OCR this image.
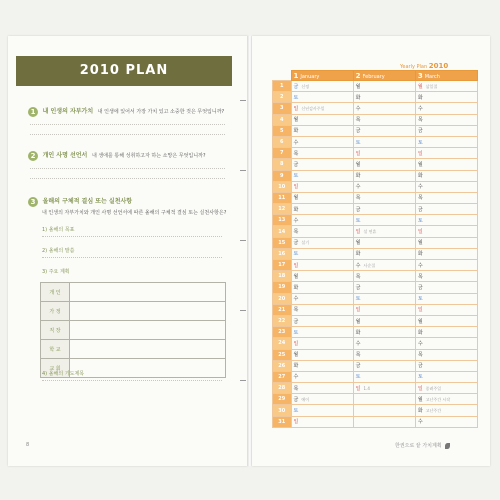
2010 PLAN
1 내 인생의 자부가치 내 인생에 있어서 가장 가치 있고 소중한 것은 무엇입니까?
2 개인 사명 선언서 내 생애를 통해 성취하고자 하는 소망은 무엇입니까?
3 올해의 구체적 결심 또는 실천사항
내 인생의 자부가치와 개인 사명 선언서에 따른 올해의 구체적 결심 또는 실천사항은?
1) 올해의 목표
2) 올해의 말씀
3) 주요 계획
개 인	
가 정	
직 장	
학 교	
교 회	
4) 올해의 기도제목
8
Yearly Plan 2010
	1 January	2 February	3 March
1	금 신정	월	월 삼일절
2	토	화	화
3	일 신년감사주일	수	수
4	월	목	목
5	화	금	금
6	수	토	토
7	목	일	일
8	금	월	월
9	토	화	화
10	일	수	수
11	월	목	목
12	화	금	금
13	수	토	토
14	목	일 설 연휴	일
15	금 설기	월	월
16	토	화	화
17	일	수 사순절	수
18	월	목	목
19	화	금	금
20	수	토	토
21	목	일	일
22	금	월	월
23	토	화	화
24	일	수	수
25	월	목	목
26	화	금	금
27	수	토	토
28	목	일 1.4	일 종려주일
29	금 에이		월 고난주간 시작
30	토		화 고난주간
31	일		수
한권으로 끝 가치계획
